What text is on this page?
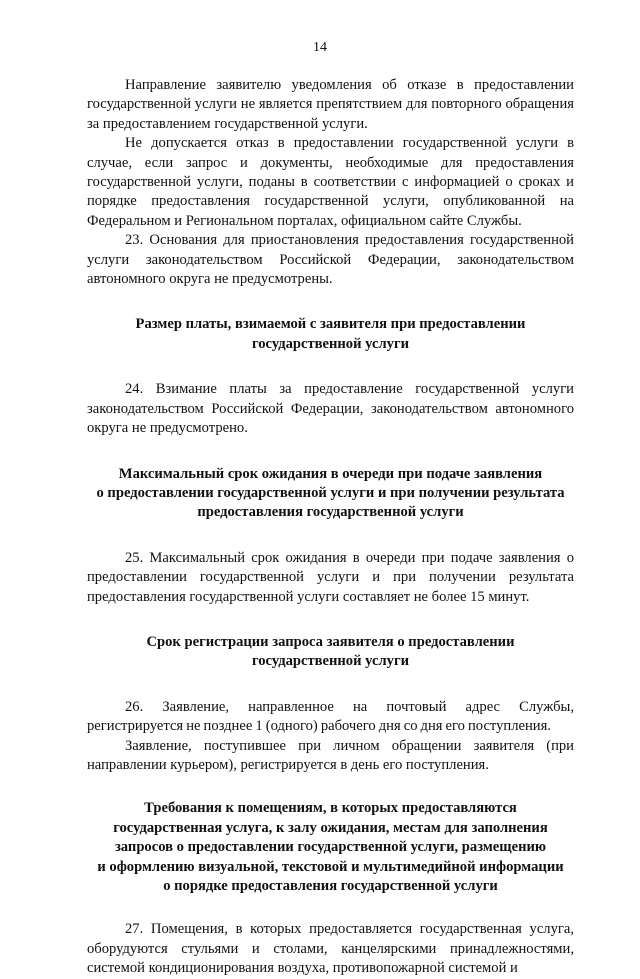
14

Направление заявителю уведомления об отказе в предоставлении государственной услуги не является препятствием для повторного обращения за предоставлением государственной услуги.

Не допускается отказ в предоставлении государственной услуги в случае, если запрос и документы, необходимые для предоставления государственной услуги, поданы в соответствии с информацией о сроках и порядке предоставления государственной услуги, опубликованной на Федеральном и Региональном порталах, официальном сайте Службы.

23. Основания для приостановления предоставления государственной услуги законодательством Российской Федерации, законодательством автономного округа не предусмотрены.

Размер платы, взимаемой с заявителя при предоставлении
государственной услуги

24. Взимание платы за предоставление государственной услуги законодательством Российской Федерации, законодательством автономного округа не предусмотрено.

Максимальный срок ожидания в очереди при подаче заявления
о предоставлении государственной услуги и при получении результата
предоставления государственной услуги

25. Максимальный срок ожидания в очереди при подаче заявления о предоставлении государственной услуги и при получении результата предоставления государственной услуги составляет не более 15 минут.

Срок регистрации запроса заявителя о предоставлении
государственной услуги

26. Заявление, направленное на почтовый адрес Службы, регистрируется не позднее 1 (одного) рабочего дня со дня его поступления.

Заявление, поступившее при личном обращении заявителя (при направлении курьером), регистрируется в день его поступления.

Требования к помещениям, в которых предоставляются
государственная услуга, к залу ожидания, местам для заполнения
запросов о предоставлении государственной услуги, размещению
и оформлению визуальной, текстовой и мультимедийной информации
о порядке предоставления государственной услуги

27. Помещения, в которых предоставляется государственная услуга, оборудуются стульями и столами, канцелярскими принадлежностями, системой кондиционирования воздуха, противопожарной системой и
